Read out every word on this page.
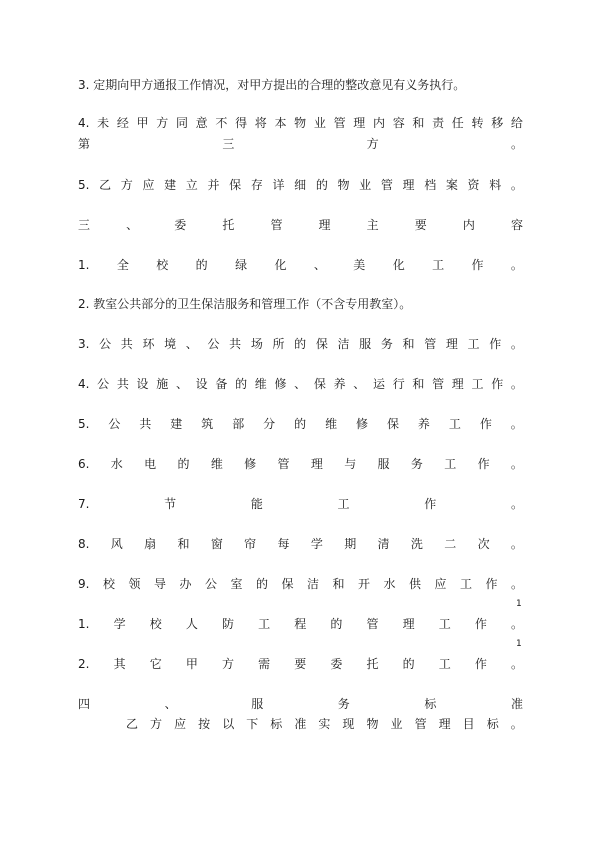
3. 定期向甲方通报工作情况，对甲方提出的合理的整改意见有义务执行。
4. 未 经 甲 方 同 意 不 得 将 本 物 业 管 理 内 容 和 责 任 转 移 给
第	三	方	。
5. 乙 方 应 建 立 并 保 存 详 细 的 物 业 管 理 档 案 资 料 。
三	、	委	托	管	理	主	要	内	容
1. 全 校 的 绿 化 、 美 化 工 作 。
2. 教室公共部分的卫生保洁服务和管理工作（不含专用教室）。
3. 公 共 环 境 、 公 共 场 所 的 保 洁 服 务 和 管 理 工 作 。
4. 公 共 设 施 、 设 备 的 维 修 、 保 养 、 运 行 和 管 理 工 作 。
5. 公 共 建 筑 部 分 的 维 修 保 养 工 作 。
6. 水 电 的 维 修 管 理 与 服 务 工 作 。
7.	节	能	工	作	。
8. 风 扇 和 窗 帘 每 学 期 清 洗 二 次 。
9. 校 领 导 办 公 室 的 保 洁 和 开 水 供 应 工 作 。
1
1. 学 校 人 防 工 程 的 管 理 工 作 。
1
2. 其 它 甲 方 需 要 委 托 的 工 作 。
四	、	服	务	标	准
乙 方 应 按 以 下 标 准 实 现 物 业 管 理 目 标 。
